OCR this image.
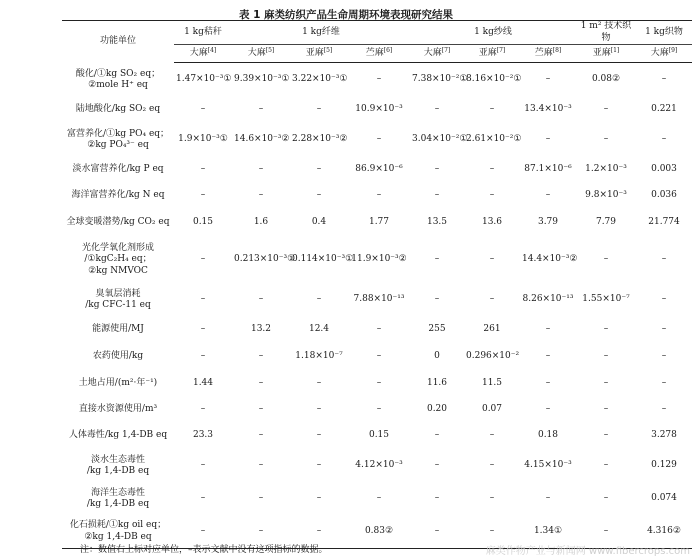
表 1 麻类纺织产品生命周期环境表现研究结果
功能单位	1 kg秸秆	1 kg纤维			1 kg纱线			1 m² 技术织物	1 kg织物
	大麻[4]	大麻[5]	亚麻[5]	苎麻[6]	大麻[7]	亚麻[7]	苎麻[8]	亚麻[1]	大麻[9]
酸化/①kg SO₂ eq；
②mole H⁺ eq	1.47×10⁻³①	9.39×10⁻³①	3.22×10⁻³①	–	7.38×10⁻²①	8.16×10⁻²①	–	0.08②	–
陆地酸化/kg SO₂ eq	–	–	–	10.9×10⁻³	–	–	13.4×10⁻³	–	0.221
富营养化/①kg PO₄ eq；
②kg PO₄³⁻ eq	1.9×10⁻³①	14.6×10⁻³②	2.28×10⁻³②	–	3.04×10⁻²①	2.61×10⁻²①	–	–	–
淡水富营养化/kg P eq	–	–	–	86.9×10⁻⁶	–	–	87.1×10⁻⁶	1.2×10⁻³	0.003
海洋富营养化/kg N eq	–	–	–	–	–	–	–	9.8×10⁻³	0.036
全球变暖潜势/kg CO₂ eq	0.15	1.6	0.4	1.77	13.5	13.6	3.79	7.79	21.774
光化学氧化剂形成
/①kgC₂H₄ eq；
②kg NMVOC	–	0.213×10⁻³①	0.114×10⁻³①	11.9×10⁻³②	–	–	14.4×10⁻³②	–	–
臭氧层消耗
/kg CFC-11 eq	–	–	–	7.88×10⁻¹³	–	–	8.26×10⁻¹³	1.55×10⁻⁷	–
能源使用/MJ	–	13.2	12.4	–	255	261	–	–	–
农药使用/kg	–	–	1.18×10⁻⁷	–	0	0.296×10⁻²	–	–	–
土地占用/(m²·年⁻¹)	1.44	–	–	–	11.6	11.5	–	–	–
直接水资源使用/m³	–	–	–	–	0.20	0.07	–	–	–
人体毒性/kg 1,4-DB eq	23.3	–	–	0.15	–	–	0.18	–	3.278
淡水生态毒性
/kg 1,4-DB eq	–	–	–	4.12×10⁻³	–	–	4.15×10⁻³	–	0.129
海洋生态毒性
/kg 1,4-DB eq	–	–	–	–	–	–	–	–	0.074
化石损耗/①kg oil eq；
②kg 1,4-DB eq	–	–	–	0.83②	–	–	1.34①	–	4.316②
注：数值右上标对应单位，–表示文献中没有这项指标的数据。	麻类作物产业与新闻网 www.fibercrops.com
